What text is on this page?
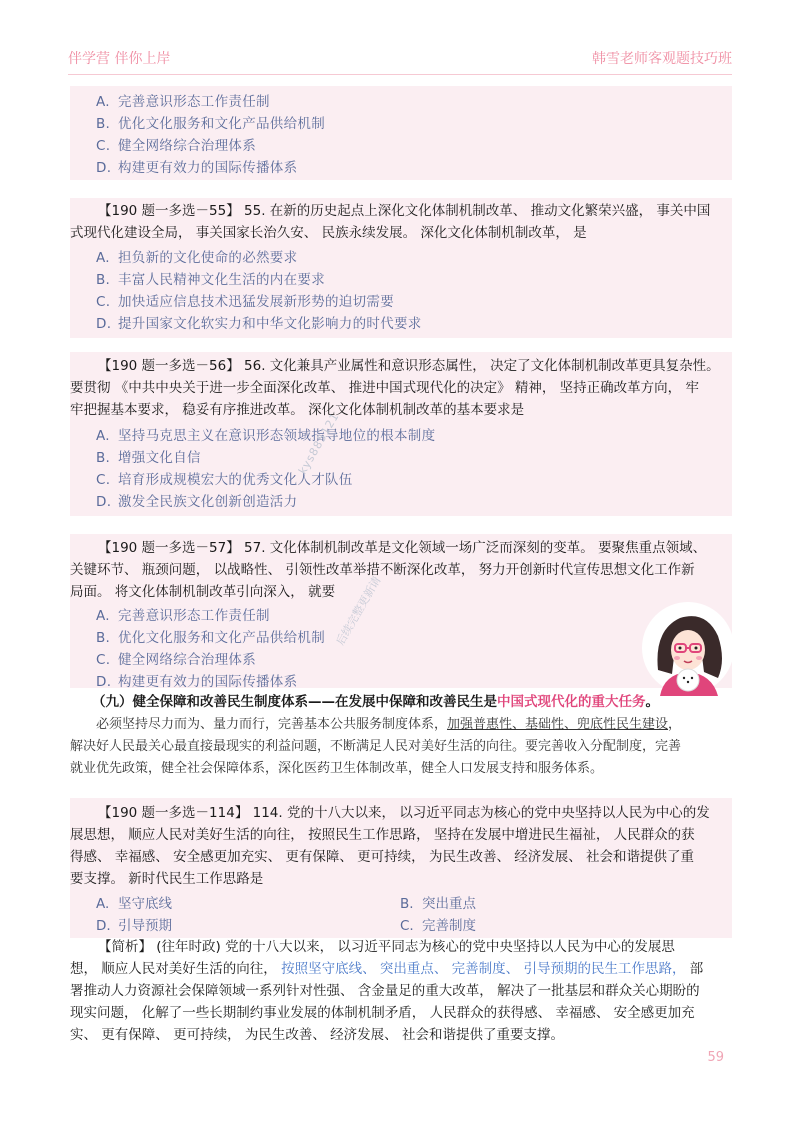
伴学营 伴你上岸	韩雪老师客观题技巧班
A. 完善意识形态工作责任制
B. 优化文化服务和文化产品供给机制
C. 健全网络综合治理体系
D. 构建更有效力的国际传播体系

【190 题一多选－55】 55. 在新的历史起点上深化文化体制机制改革、 推动文化繁荣兴盛， 事关中国

式现代化建设全局， 事关国家长治久安、 民族永续发展。 深化文化体制机制改革， 是

A. 担负新的文化使命的必然要求
B. 丰富人民精神文化生活的内在要求
C. 加快适应信息技术迅猛发展新形势的迫切需要
D. 提升国家文化软实力和中华文化影响力的时代要求

【190 题一多选－56】 56. 文化兼具产业属性和意识形态属性， 决定了文化体制机制改革更具复杂性。

要贯彻 《中共中央关于进一步全面深化改革、 推进中国式现代化的决定》 精神， 坚持正确改革方向， 牢

牢把握基本要求， 稳妥有序推进改革。 深化文化体制机制改革的基本要求是

A. 坚持马克思主义在意识形态领域指导地位的根本制度
B. 增强文化自信
C. 培育形成规模宏大的优秀文化人才队伍
D. 激发全民族文化创新创造活力

【190 题一多选－57】 57. 文化体制机制改革是文化领域一场广泛而深刻的变革。 要聚焦重点领域、

关键环节、 瓶颈问题， 以战略性、 引领性改革举措不断深化改革， 努力开创新时代宣传思想文化工作新

局面。 将文化体制机制改革引向深入， 就要

A. 完善意识形态工作责任制
B. 优化文化服务和文化产品供给机制
C. 健全网络综合治理体系
D. 构建更有效力的国际传播体系
（九）健全保障和改善民生制度体系——在发展中保障和改善民生是中国式现代化的重大任务。

必须坚持尽力而为、量力而行，完善基本公共服务制度体系，加强普惠性、基础性、兜底性民生建设，

解决好人民最关心最直接最现实的利益问题，不断满足人民对美好生活的向往。要完善收入分配制度，完善

就业优先政策，健全社会保障体系，深化医药卫生体制改革，健全人口发展支持和服务体系。

【190 题一多选－114】 114. 党的十八大以来， 以习近平同志为核心的党中央坚持以人民为中心的发

展思想， 顺应人民对美好生活的向往， 按照民生工作思路， 坚持在发展中增进民生福祉， 人民群众的获

得感、 幸福感、 安全感更加充实、 更有保障、 更可持续， 为民生改善、 经济发展、 社会和谐提供了重

要支撑。 新时代民生工作思路是

A. 坚守底线	B. 突出重点
D. 引导预期	C. 完善制度

【简析】 (往年时政) 党的十八大以来， 以习近平同志为核心的党中央坚持以人民为中心的发展思

想， 顺应人民对美好生活的向往， 按照坚守底线、 突出重点、 完善制度、 引导预期的民生工作思路， 部

署推动人力资源社会保障领域一系列针对性强、 含金量足的重大改革， 解决了一批基层和群众关心期盼的

现实问题， 化解了一些长期制约事业发展的体制机制矛盾， 人民群众的获得感、 幸福感、 安全感更加充

实、 更有保障、 更可持续， 为民生改善、 经济发展、 社会和谐提供了重要支撑。

kys885121
后续完整更新请
59
